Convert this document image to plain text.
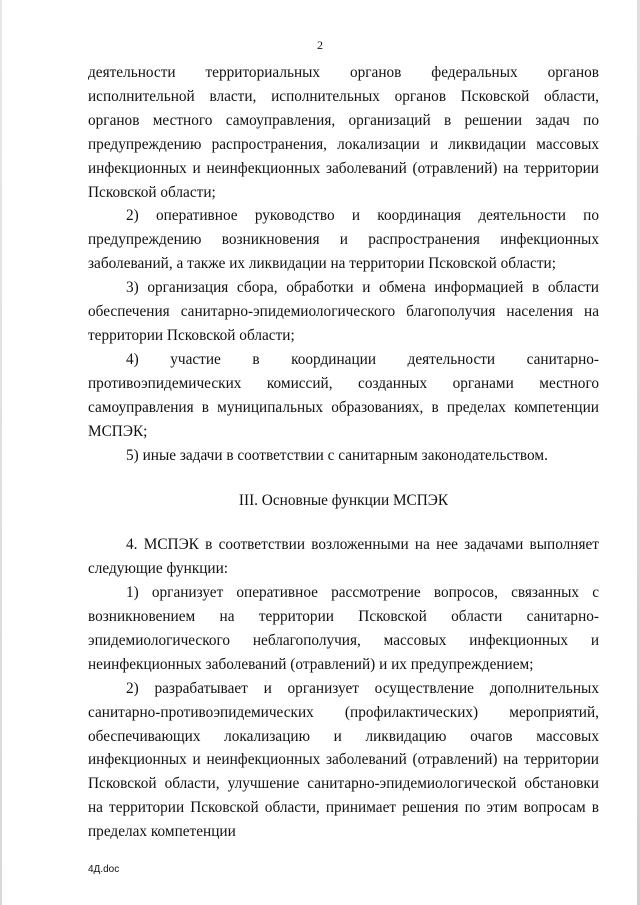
2

деятельности территориальных органов федеральных органов исполнительной власти, исполнительных органов Псковской области, органов местного самоуправления, организаций в решении задач по предупреждению распространения, локализации и ликвидации массовых инфекционных и неинфекционных заболеваний (отравлений) на территории Псковской области;

2) оперативное руководство и координация деятельности по предупреждению возникновения и распространения инфекционных заболеваний, а также их ликвидации на территории Псковской области;

3) организация сбора, обработки и обмена информацией в области обеспечения санитарно-эпидемиологического благополучия населения на территории Псковской области;

4) участие в координации деятельности санитарно-противоэпидемических комиссий, созданных органами местного самоуправления в муниципальных образованиях, в пределах компетенции МСПЭК;

5) иные задачи в соответствии с санитарным законодательством.

III. Основные функции МСПЭК

4. МСПЭК в соответствии возложенными на нее задачами выполняет следующие функции:

1) организует оперативное рассмотрение вопросов, связанных с возникновением на территории Псковской области санитарно-эпидемиологического неблагополучия, массовых инфекционных и неинфекционных заболеваний (отравлений) и их предупреждением;

2) разрабатывает и организует осуществление дополнительных санитарно-противоэпидемических (профилактических) мероприятий, обеспечивающих локализацию и ликвидацию очагов массовых инфекционных и неинфекционных заболеваний (отравлений) на территории Псковской области, улучшение санитарно-эпидемиологической обстановки на территории Псковской области, принимает решения по этим вопросам в пределах компетенции

4Д.doc
